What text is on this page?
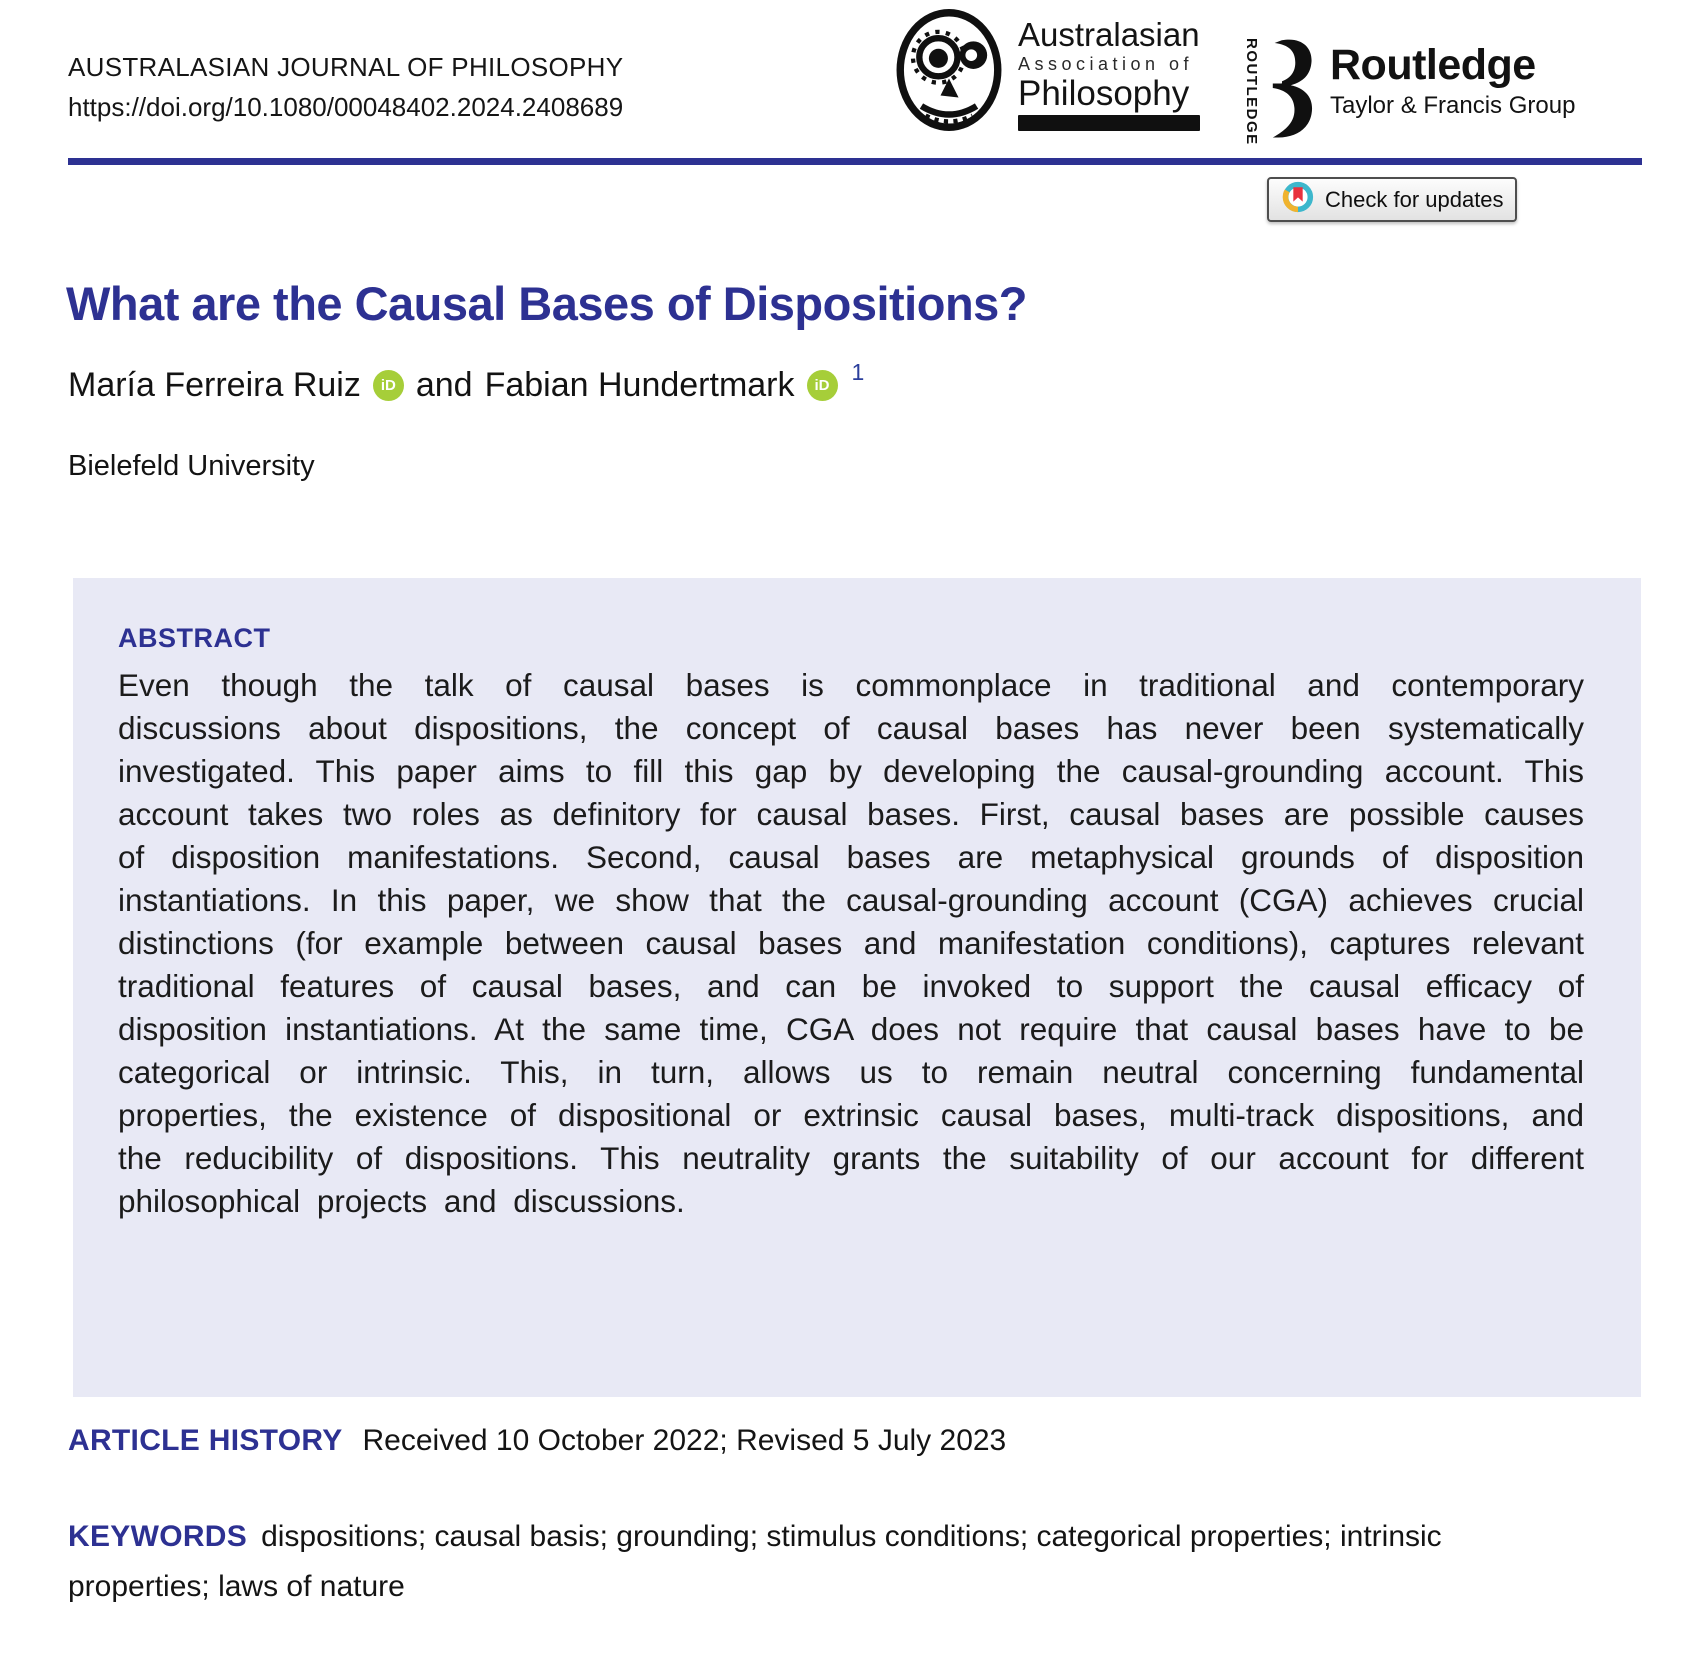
AUSTRALASIAN JOURNAL OF PHILOSOPHY
https://doi.org/10.1080/00048402.2024.2408689
Australasian
Association of
Philosophy	ROUTLEDGE Routledge
Taylor & Francis Group
Check for updates
What are the Causal Bases of Dispositions?
María Ferreira Ruiz	iD and Fabian Hundertmark	iD
1
Bielefeld University
ABSTRACT
Even though the talk of causal bases is commonplace in traditional and contemporary discussions about dispositions, the concept of causal bases has never been systematically investigated. This paper aims to fill this gap by developing the causal-grounding account. This account takes two roles as definitory for causal bases. First, causal bases are possible causes of disposition manifestations. Second, causal bases are metaphysical grounds of disposition instantiations. In this paper, we show that the causal-grounding account (CGA) achieves crucial distinctions (for example between causal bases and manifestation conditions), captures relevant traditional features of causal bases, and can be invoked to support the causal efficacy of disposition instantiations. At the same time, CGA does not require that causal bases have to be categorical or intrinsic. This, in turn, allows us to remain neutral concerning fundamental properties, the existence of dispositional or extrinsic causal bases, multi-track dispositions, and the reducibility of dispositions. This neutrality grants the suitability of our account for different philosophical projects and discussions.
ARTICLE HISTORY Received 10 October 2022; Revised 5 July 2023
KEYWORDS dispositions; causal basis; grounding; stimulus conditions; categorical properties; intrinsic properties; laws of nature
